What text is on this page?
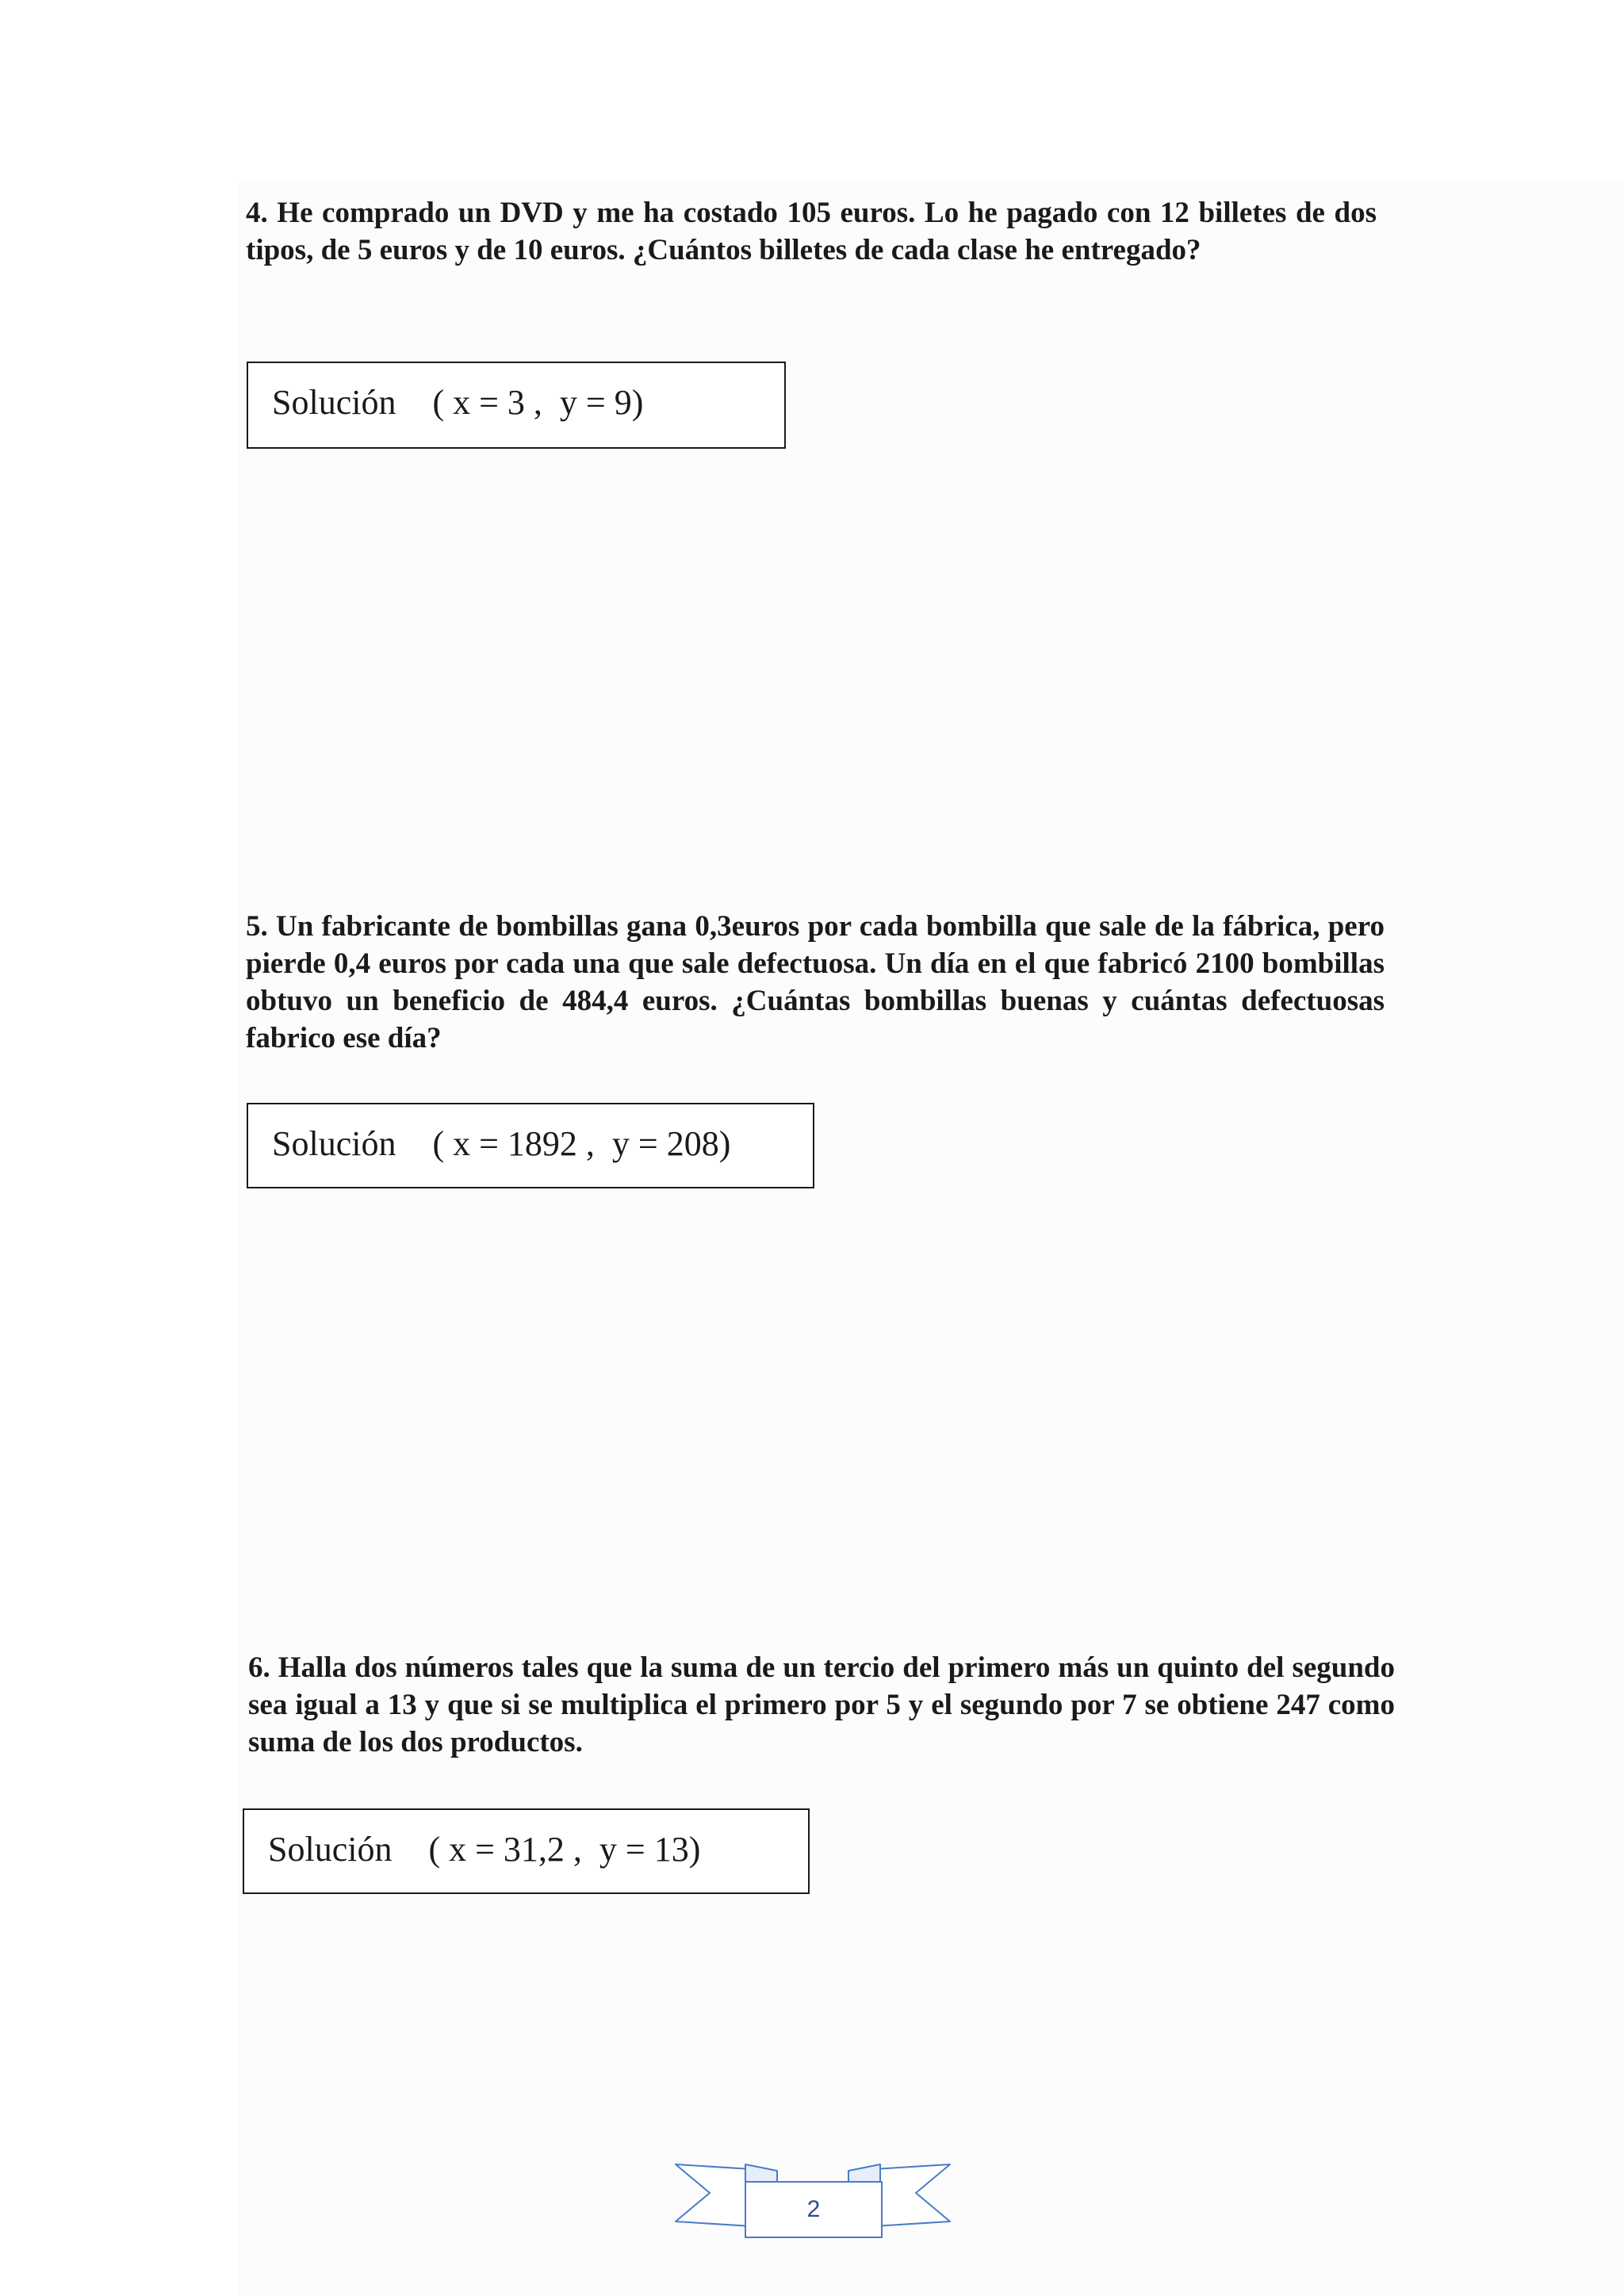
4. He comprado un DVD y me ha costado 105 euros. Lo he pagado con 12 billetes de dos tipos, de 5 euros y de 10 euros. ¿Cuántos billetes de cada clase he entregado?

Solución ( x = 3 ,  y = 9)

5. Un fabricante de bombillas gana 0,3euros por cada bombilla que sale de la fábrica, pero pierde 0,4 euros por cada una que sale defectuosa. Un día en el que fabricó 2100 bombillas obtuvo un beneficio de 484,4 euros. ¿Cuántas bombillas buenas y cuántas defectuosas fabrico ese día?

Solución ( x = 1892 ,  y = 208)

6. Halla dos números tales que la suma de un tercio del primero más un quinto del segundo sea igual a 13 y que si se multiplica el primero por 5 y el segundo por 7 se obtiene 247 como suma de los dos productos.

Solución ( x = 31,2 ,  y = 13)
2
